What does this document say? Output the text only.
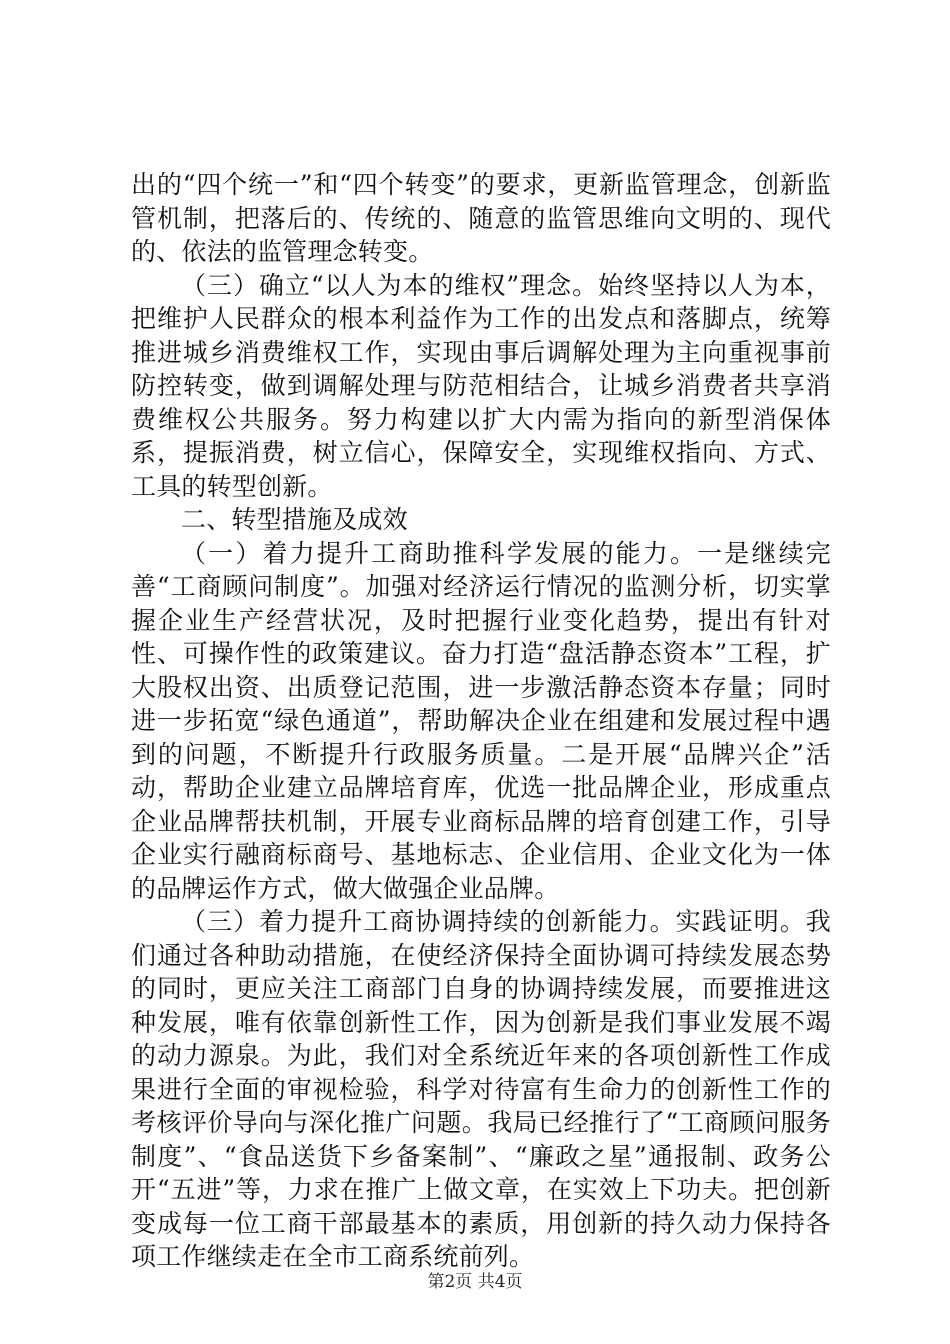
出的“四个统一”和“四个转变”的要求，更新监管理念，创新监管机制，把落后的、传统的、随意的监管思维向文明的、现代的、依法的监管理念转变。

（三）确立“以人为本的维权”理念。始终坚持以人为本，把维护人民群众的根本利益作为工作的出发点和落脚点，统筹推进城乡消费维权工作，实现由事后调解处理为主向重视事前防控转变，做到调解处理与防范相结合，让城乡消费者共享消费维权公共服务。努力构建以扩大内需为指向的新型消保体系，提振消费，树立信心，保障安全，实现维权指向、方式、工具的转型创新。

二、转型措施及成效

（一）着力提升工商助推科学发展的能力。一是继续完善“工商顾问制度”。加强对经济运行情况的监测分析，切实掌握企业生产经营状况，及时把握行业变化趋势，提出有针对性、可操作性的政策建议。奋力打造“盘活静态资本”工程，扩大股权出资、出质登记范围，进一步激活静态资本存量；同时进一步拓宽“绿色通道”，帮助解决企业在组建和发展过程中遇到的问题，不断提升行政服务质量。二是开展“品牌兴企”活动，帮助企业建立品牌培育库，优选一批品牌企业，形成重点企业品牌帮扶机制，开展专业商标品牌的培育创建工作，引导企业实行融商标商号、基地标志、企业信用、企业文化为一体的品牌运作方式，做大做强企业品牌。

（三）着力提升工商协调持续的创新能力。实践证明。我们通过各种助动措施，在使经济保持全面协调可持续发展态势的同时，更应关注工商部门自身的协调持续发展，而要推进这种发展，唯有依靠创新性工作，因为创新是我们事业发展不竭的动力源泉。为此，我们对全系统近年来的各项创新性工作成果进行全面的审视检验，科学对待富有生命力的创新性工作的考核评价导向与深化推广问题。我局已经推行了“工商顾问服务制度”、“食品送货下乡备案制”、“廉政之星”通报制、政务公开“五进”等，力求在推广上做文章，在实效上下功夫。把创新变成每一位工商干部最基本的素质，用创新的持久动力保持各项工作继续走在全市工商系统前列。

第2页 共4页
